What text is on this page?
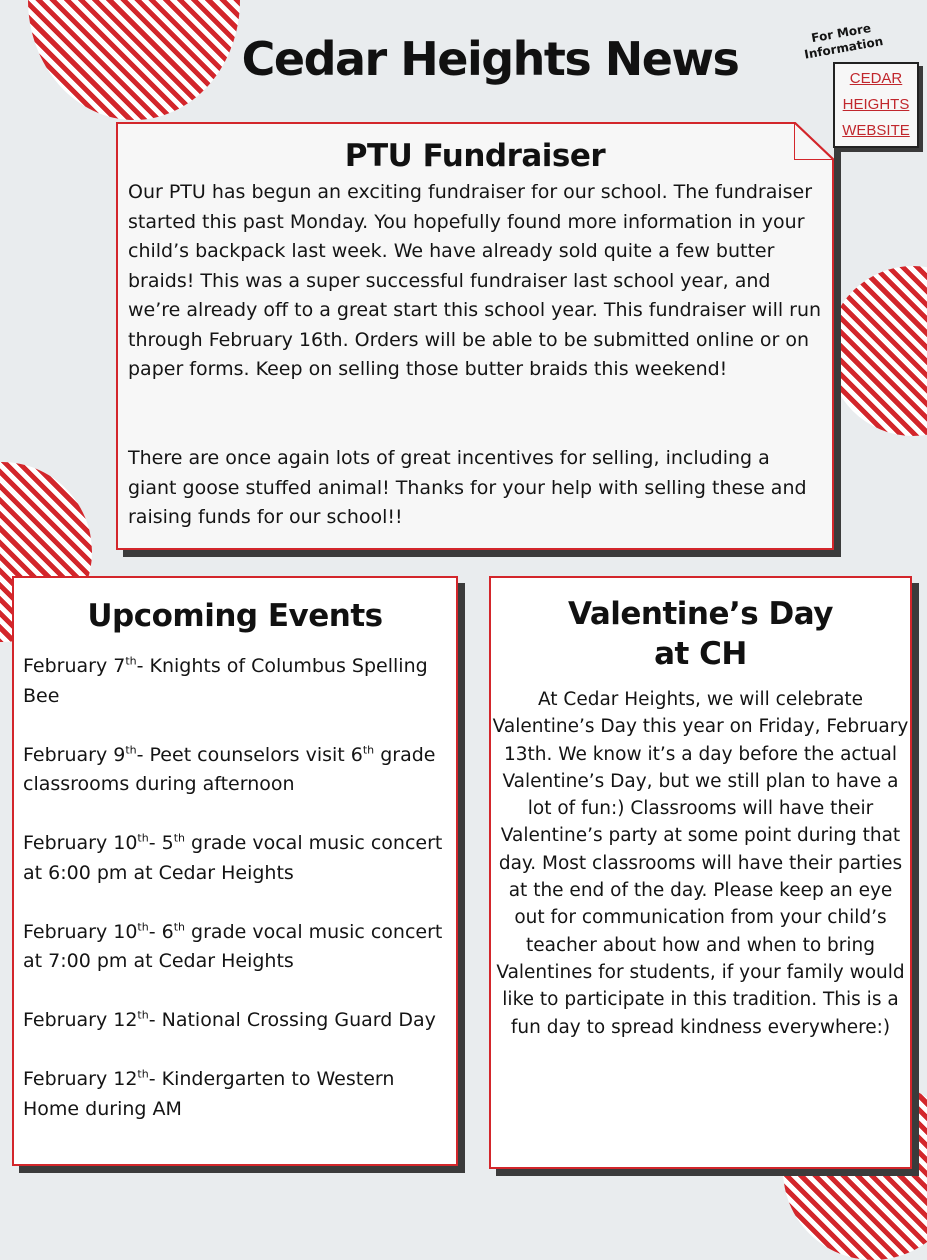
Cedar Heights News	For More Information
CEDAR HEIGHTS WEBSITE
PTU Fundraiser

Our PTU has begun an exciting fundraiser for our school. The fundraiser started this past Monday. You hopefully found more information in your child’s backpack last week. We have already sold quite a few butter braids! This was a super successful fundraiser last school year, and we’re already off to a great start this school year. This fundraiser will run through February 16th. Orders will be able to be submitted online or on paper forms. Keep on selling those butter braids this weekend!

There are once again lots of great incentives for selling, including a giant goose stuffed animal! Thanks for your help with selling these and raising funds for our school!!

Upcoming Events
February 7th- Knights of Columbus Spelling Bee
February 9th- Peet counselors visit 6th grade classrooms during afternoon
February 10th- 5th grade vocal music concert at 6:00 pm at Cedar Heights
February 10th- 6th grade vocal music concert at 7:00 pm at Cedar Heights
February 12th- National Crossing Guard Day
February 12th- Kindergarten to Western Home during AM
Valentine’s Day
at CH

At Cedar Heights, we will celebrate Valentine’s Day this year on Friday, February 13th. We know it’s a day before the actual Valentine’s Day, but we still plan to have a lot of fun:) Classrooms will have their Valentine’s party at some point during that day. Most classrooms will have their parties at the end of the day. Please keep an eye out for communication from your child’s teacher about how and when to bring Valentines for students, if your family would like to participate in this tradition. This is a fun day to spread kindness everywhere:)
